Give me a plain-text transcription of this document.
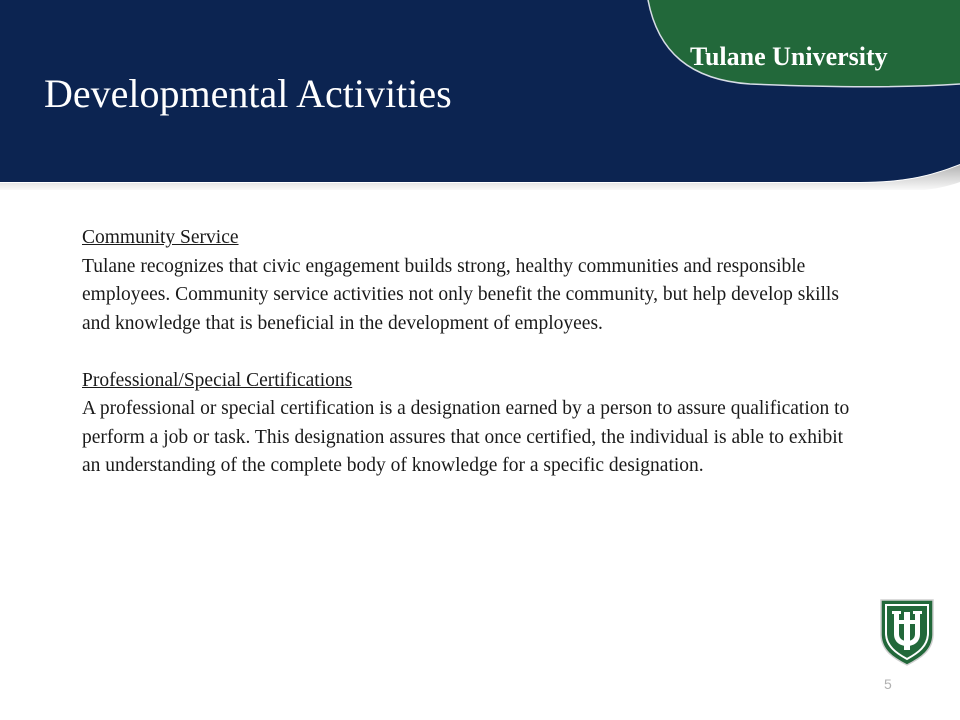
Tulane University
Developmental Activities
Community Service

Tulane recognizes that civic engagement builds strong, healthy communities and responsible employees. Community service activities not only benefit the community, but help develop skills and knowledge that is beneficial in the development of employees.

Professional/Special Certifications

A professional or special certification is a designation earned by a person to assure qualification to perform a job or task. This designation assures that once certified, the individual is able to exhibit an understanding of the complete body of knowledge for a specific designation.

5
